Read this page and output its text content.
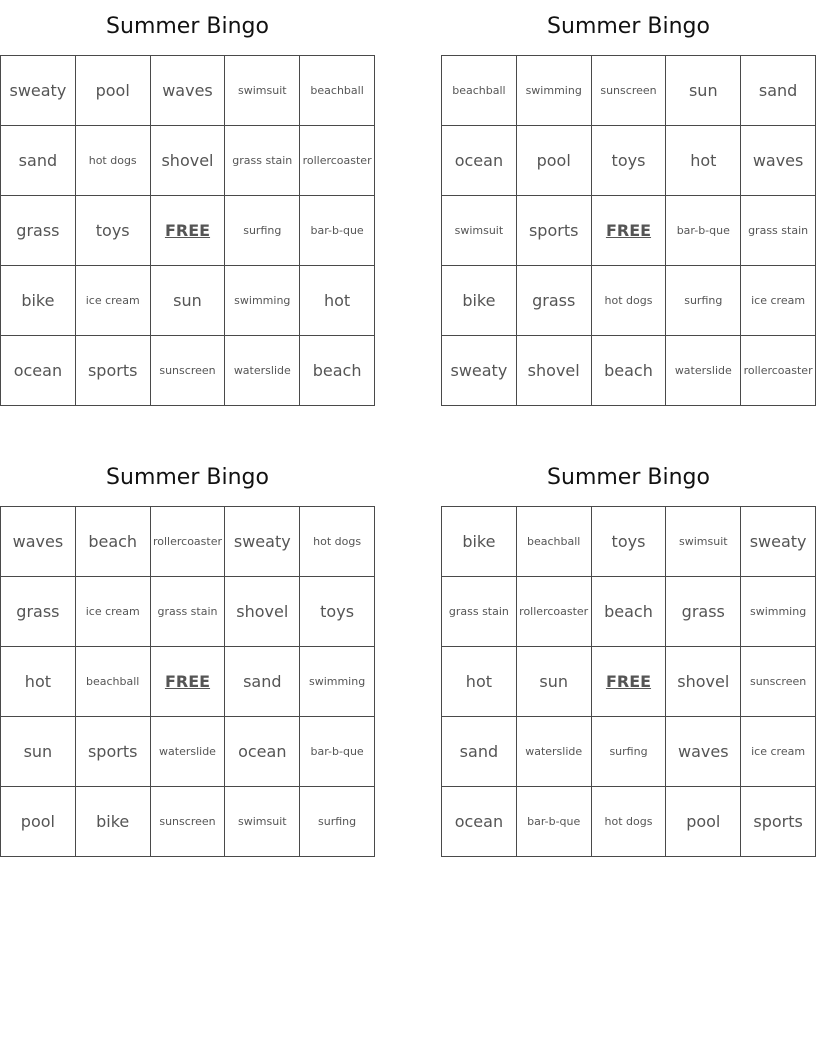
Summer Bingo
sweaty	pool	waves	swimsuit	beachball
sand	hot dogs	shovel	grass stain	rollercoaster
grass	toys	FREE	surfing	bar-b-que
bike	ice cream	sun	swimming	hot
ocean	sports	sunscreen	waterslide	beach
Summer Bingo
beachball	swimming	sunscreen	sun	sand
ocean	pool	toys	hot	waves
swimsuit	sports	FREE	bar-b-que	grass stain
bike	grass	hot dogs	surfing	ice cream
sweaty	shovel	beach	waterslide	rollercoaster
Summer Bingo
waves	beach	rollercoaster	sweaty	hot dogs
grass	ice cream	grass stain	shovel	toys
hot	beachball	FREE	sand	swimming
sun	sports	waterslide	ocean	bar-b-que
pool	bike	sunscreen	swimsuit	surfing
Summer Bingo
bike	beachball	toys	swimsuit	sweaty
grass stain	rollercoaster	beach	grass	swimming
hot	sun	FREE	shovel	sunscreen
sand	waterslide	surfing	waves	ice cream
ocean	bar-b-que	hot dogs	pool	sports
